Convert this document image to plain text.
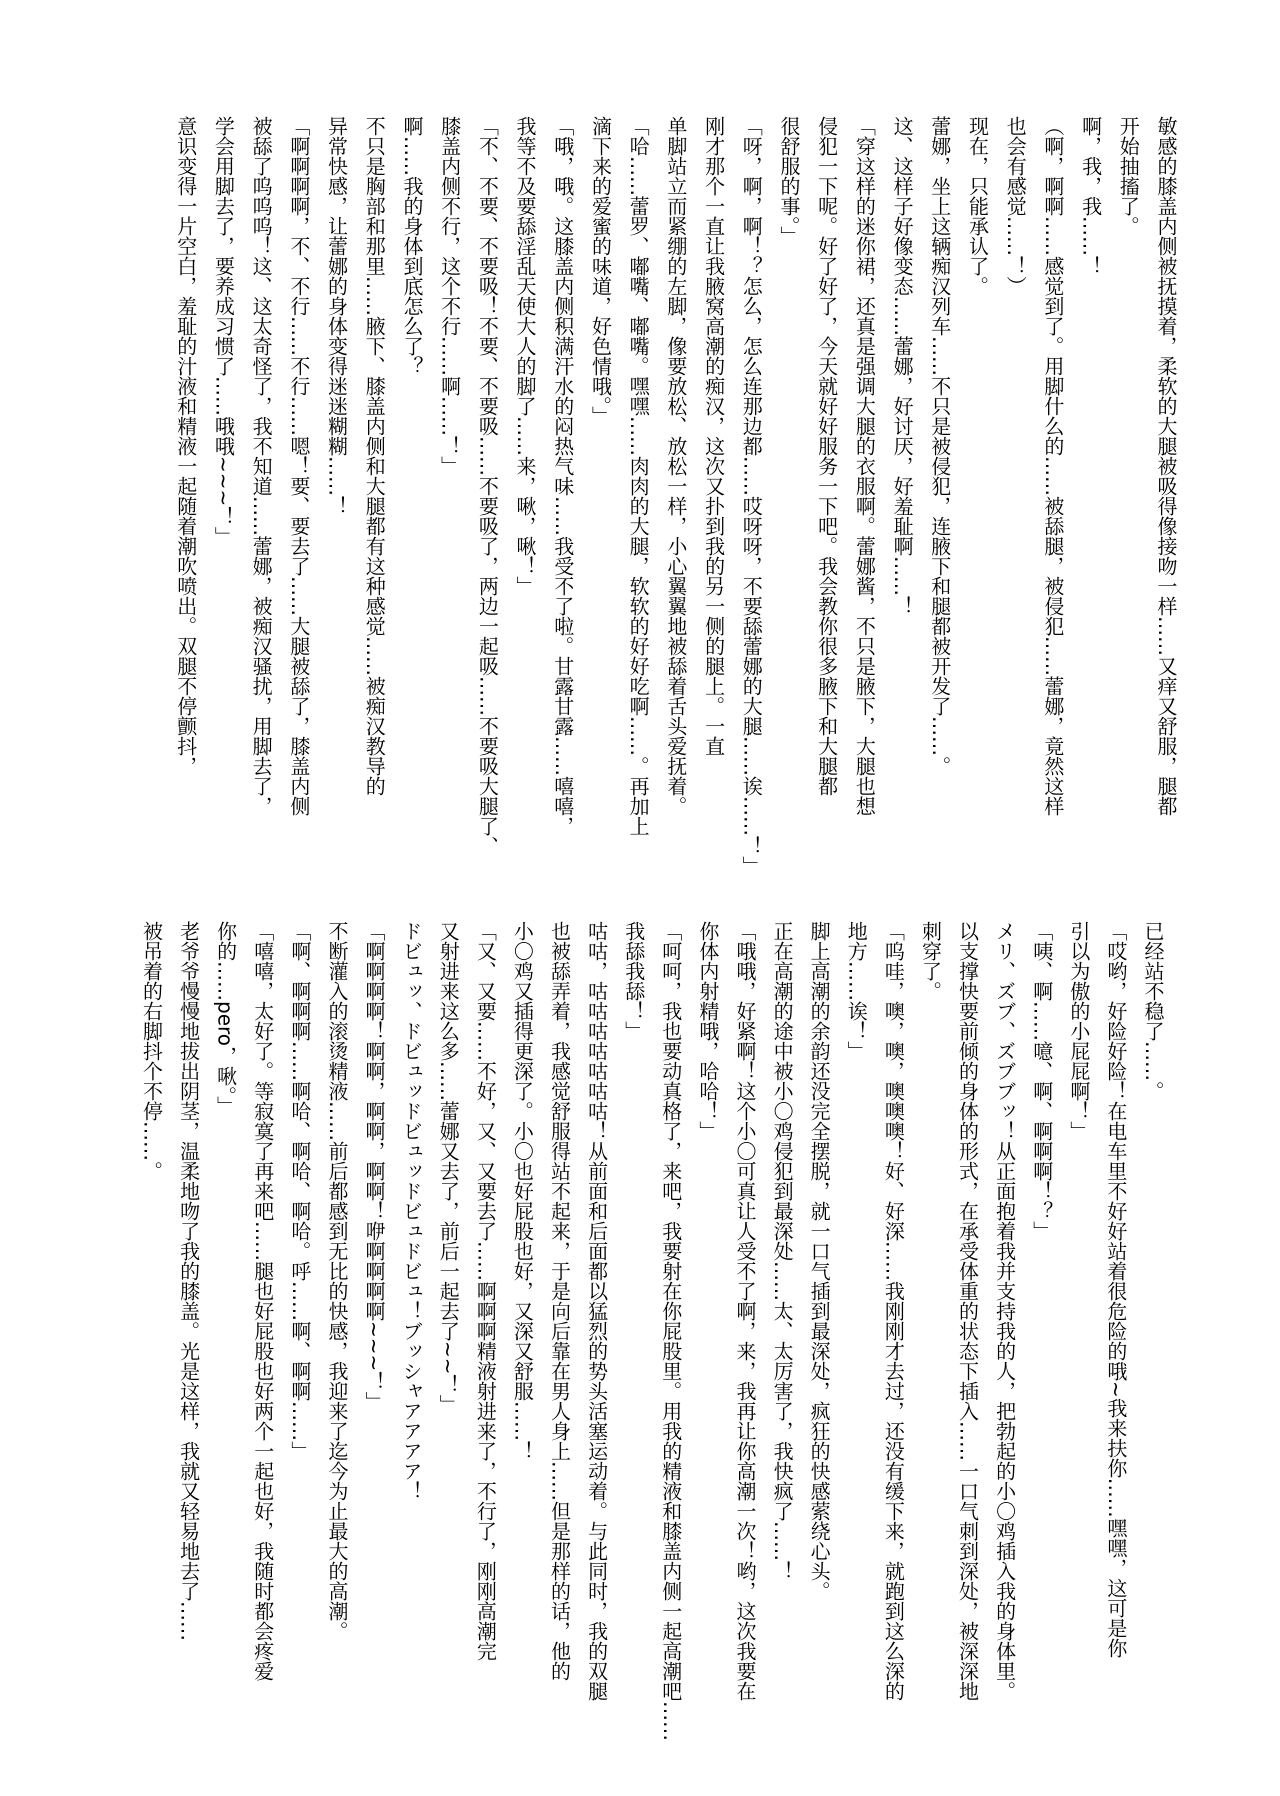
敏感的膝盖内侧被抚摸着，柔软的大腿被吸得像接吻一样……又痒又舒服，腿都
开始抽搐了。
啊，我，我……！
（啊，啊啊……感觉到了。用脚什么的……被舔腿，被侵犯……蕾娜，竟然这样
也会有感觉……！）
现在，只能承认了。
蕾娜，坐上这辆痴汉列车……不只是被侵犯，连腋下和腿都被开发了……。
这、这样子好像变态……蕾娜，好讨厌，好羞耻啊……！
「穿这样的迷你裙，还真是强调大腿的衣服啊。蕾娜酱，不只是腋下，大腿也想
侵犯一下呢。好了好了，今天就好好服务一下吧。我会教你很多腋下和大腿都
很舒服的事。」
「呀，啊，啊！？怎么，怎么连那边都……哎呀呀，不要舔蕾娜的大腿……诶……！」
刚才那个一直让我腋窝高潮的痴汉，这次又扑到我的另一侧的腿上。一直
单脚站立而紧绷的左脚，像要放松、放松一样，小心翼翼地被舔着舌头爱抚着。
「哈……蕾罗、嘟嘴、嘟嘴。嘿嘿……肉肉的大腿，软软的好好吃啊……。再加上
滴下来的爱蜜的味道，好色情哦。」
「哦，哦。这膝盖内侧积满汗水的闷热气味……我受不了啦。甘露甘露……嘻嘻，
我等不及要舔淫乱天使大人的脚了……来，啾，啾！」
「不、不要、不要吸！不要、不要吸……不要吸了，两边一起吸……不要吸大腿了、
膝盖内侧不行，这个不行……啊……！」
啊……我的身体到底怎么了？
不只是胸部和那里……腋下、膝盖内侧和大腿都有这种感觉……被痴汉教导的
异常快感，让蕾娜的身体变得迷迷糊糊……！
「啊啊啊啊，不、不行……不行……嗯！要、要去了……大腿被舔了，膝盖内侧
被舔了呜呜呜！这、这太奇怪了，我不知道……蕾娜，被痴汉骚扰，用脚去了，
学会用脚去了，要养成习惯了……哦哦~~~！」
意识变得一片空白，羞耻的汁液和精液一起随着潮吹喷出。双腿不停颤抖，
已经站不稳了……。
「哎哟，好险好险！在电车里不好好站着很危险的哦~我来扶你……嘿嘿，这可是你
引以为傲的小屁屁啊！」
「咦、啊……噫、啊、啊啊啊！？」
メリ、ズブ、ズブブッ！从正面抱着我并支持我的人，把勃起的小〇鸡插入我的身体里。
以支撑快要前倾的身体的形式，在承受体重的状态下插入……一口气刺到深处，被深深地
刺穿了。
「呜哇，噢，噢，噢噢噢！好、好深……我刚刚才去过，还没有缓下来，就跑到这么深的
地方……诶！」
脚上高潮的余韵还没完全摆脱，就一口气插到最深处，疯狂的快感萦绕心头。
正在高潮的途中被小〇鸡侵犯到最深处……太、太厉害了，我快疯了……！
「哦哦，好紧啊！这个小〇可真让人受不了啊，来，我再让你高潮一次！哟，这次我要在
你体内射精哦，哈哈！」
「呵呵，我也要动真格了，来吧，我要射在你屁股里。用我的精液和膝盖内侧一起高潮吧……
我舔我舔！」
咕咕，咕咕咕咕咕咕咕！从前面和后面都以猛烈的势头活塞运动着。与此同时，我的双腿
也被舔弄着，我感觉舒服得站不起来，于是向后靠在男人身上……但是那样的话，他的
小〇鸡又插得更深了。小〇也好屁股也好，又深又舒服……！
「又、又要……不好，又、又要去了……啊啊啊精液射进来了，不行了，刚刚高潮完
又射进来这么多……蕾娜又去了，前后一起去了~~！」
ドビュッ、ドビュッドビュッドビュドビュ！ブッシャアアアア！
「啊啊啊啊！啊啊，啊啊，啊啊！咿啊啊啊啊~~~！」
不断灌入的滚烫精液……前后都感到无比的快感，我迎来了迄今为止最大的高潮。
「啊、啊啊啊……啊哈、啊哈、啊哈。呼……啊、啊啊……」
「嘻嘻，太好了。等寂寞了再来吧……腿也好屁股也好两个一起也好，我随时都会疼爱
你的……pero，啾。」
老爷爷慢慢地拔出阴茎，温柔地吻了我的膝盖。光是这样，我就又轻易地去了……
被吊着的右脚抖个不停……。
